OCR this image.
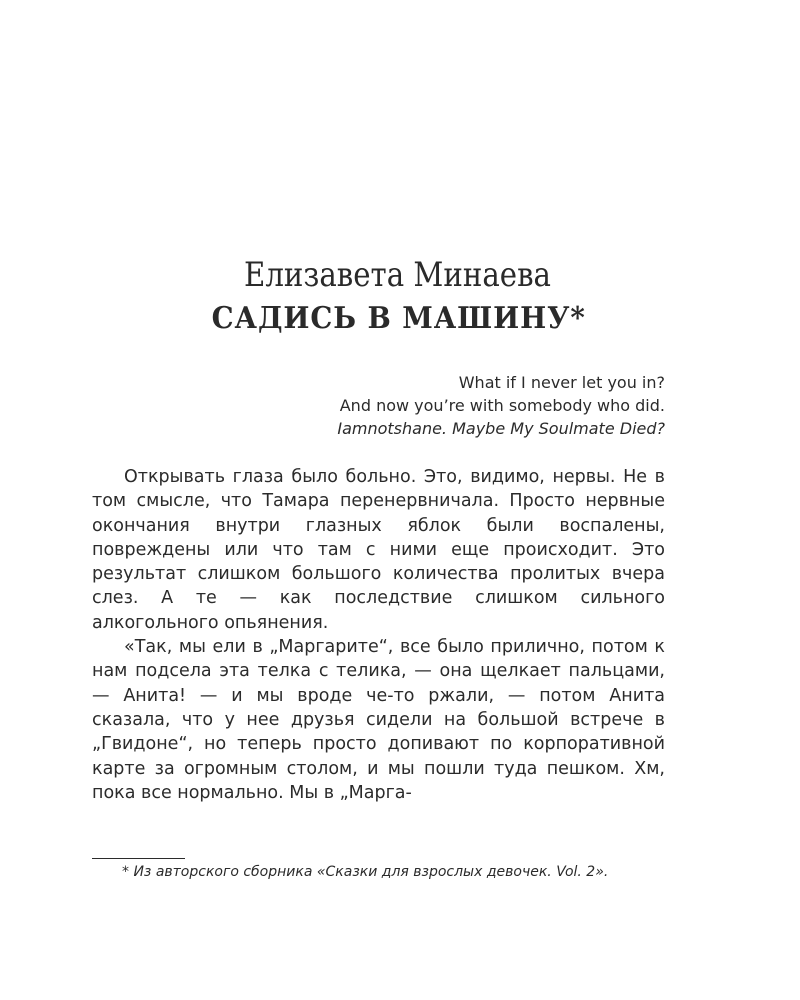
Елизавета Минаева
САДИСЬ В МАШИНУ*
What if I never let you in?
And now you’re with somebody who did.
Iamnotshane. Maybe My Soulmate Died?

Открывать глаза было больно. Это, видимо, нервы. Не в том смысле, что Тамара перенервничала. Просто нервные окончания внутри глазных яблок были воспалены, повреждены или что там с ними еще происходит. Это результат слишком большого количества пролитых вчера слез. А те — как последствие слишком сильного алкогольного опьянения.

«Так, мы ели в „Маргарите“, все было прилично, потом к нам подсела эта телка с телика, — она щелкает пальцами, — Анита! — и мы вроде че-то ржали, — потом Анита сказала, что у нее друзья сидели на большой встрече в „Гвидоне“, но теперь просто допивают по корпоративной карте за огромным столом, и мы пошли туда пешком. Хм, пока все нормально. Мы в „Марга-

* Из авторского сборника «Сказки для взрослых девочек. Vol. 2».
